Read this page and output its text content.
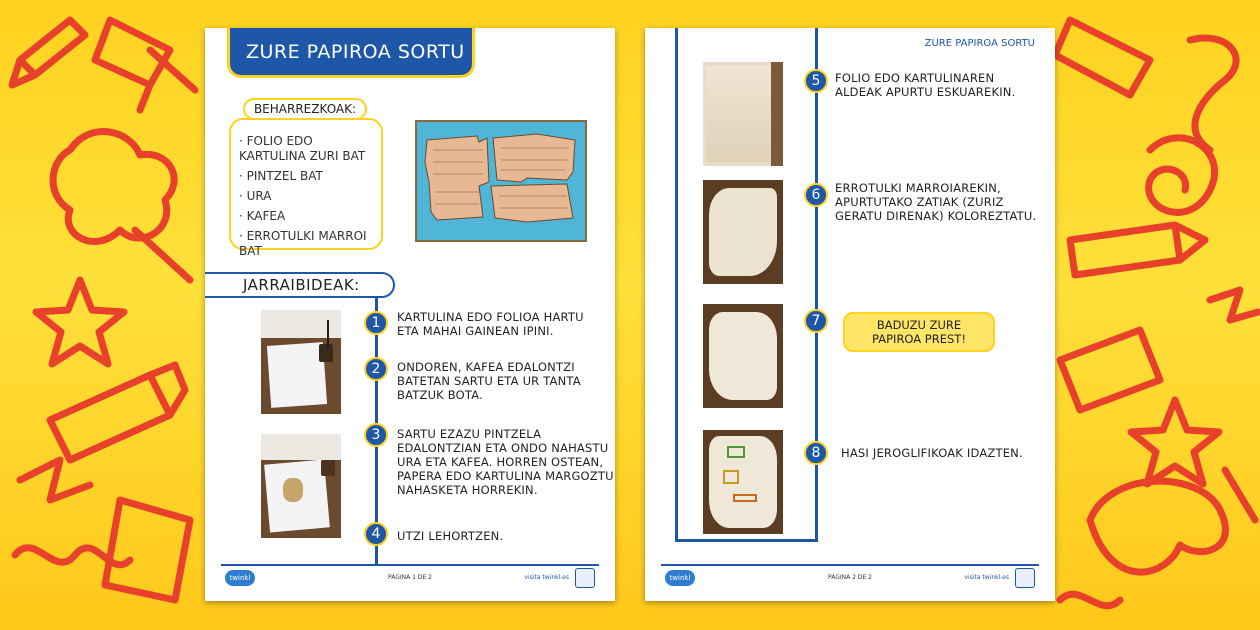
ZURE PAPIROA SORTU
· FOLIO EDO
KARTULINA ZURI BAT
· PINTZEL BAT
· URA
· KAFEA
· ERROTULKI MARROI BAT
BEHARREZKOAK:
JARRAIBIDEAK:
1	KARTULINA EDO FOLIOA HARTU
ETA MAHAI GAINEAN IPINI.
2	ONDOREN, KAFEA EDALONTZI
BATETAN SARTU ETA UR TANTA
BATZUK BOTA.
3	SARTU EZAZU PINTZELA
EDALONTZIAN ETA ONDO NAHASTU
URA ETA KAFEA. HORREN OSTEAN,
PAPERA EDO KARTULINA MARGOZTU
NAHASKETA HORREKIN.
4	UTZI LEHORTZEN.
twinkl	PÁGINA 1 DE 2	visita twinkl.es
ZURE PAPIROA SORTU
5	FOLIO EDO KARTULINAREN
ALDEAK APURTU ESKUAREKIN.
6	ERROTULKI MARROIAREKIN,
APURTUTAKO ZATIAK (ZURIZ
GERATU DIRENAK) KOLOREZTATU.
7	BADUZU ZURE
PAPIROA PREST!
8	HASI JEROGLIFIKOAK IDAZTEN.
twinkl	PÁGINA 2 DE 2	visita twinkl.es
